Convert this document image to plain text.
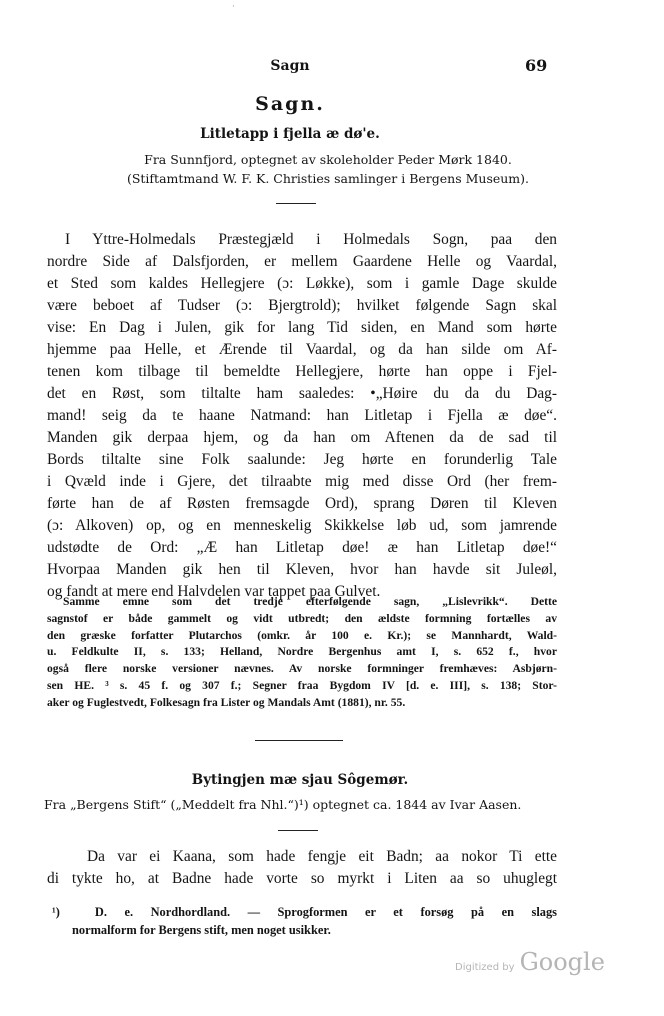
·
Sagn	69
Sagn.
Litletapp i fjella æ dø'e.
Fra Sunnfjord, optegnet av skoleholder Peder Mørk 1840.
(Stiftamtmand W. F. K. Christies samlinger i Bergens Museum).
I Yttre-Holmedals Præstegjæld i Holmedals Sogn, paa den
nordre Side af Dalsfjorden, er mellem Gaardene Helle og Vaardal,
et Sted som kaldes Hellegjere (ɔ: Løkke), som i gamle Dage skulde
være beboet af Tudser (ɔ: Bjergtrold); hvilket følgende Sagn skal
vise: En Dag i Julen, gik for lang Tid siden, en Mand som hørte
hjemme paa Helle, et Ærende til Vaardal, og da han silde om Af-
tenen kom tilbage til bemeldte Hellegjere, hørte han oppe i Fjel-
det en Røst, som tiltalte ham saaledes: •„Høire du da du Dag-
mand! seig da te haane Natmand: han Litletap i Fjella æ døe“.
Manden gik derpaa hjem, og da han om Aftenen da de sad til
Bords tiltalte sine Folk saalunde: Jeg hørte en forunderlig Tale
i Qvæld inde i Gjere, det tilraabte mig med disse Ord (her frem-
førte han de af Røsten fremsagde Ord), sprang Døren til Kleven
(ɔ: Alkoven) op, og en menneskelig Skikkelse løb ud, som jamrende
udstødte de Ord: „Æ han Litletap døe! æ han Litletap døe!“
Hvorpaa Manden gik hen til Kleven, hvor han havde sit Juleøl,
og fandt at mere end Halvdelen var tappet paa Gulvet.
Samme emne som det tredje efterfølgende sagn, „Lislevrikk“. Dette
sagnstof er både gammelt og vidt utbredt; den ældste formning fortælles av
den græske forfatter Plutarchos (omkr. år 100 e. Kr.); se Mannhardt, Wald-
u. Feldkulte II, s. 133; Helland, Nordre Bergenhus amt I, s. 652 f., hvor
også flere norske versioner nævnes. Av norske formninger fremhæves: Asbjørn-
sen HE. ³ s. 45 f. og 307 f.; Segner fraa Bygdom IV [d. e. III], s. 138; Stor-
aker og Fuglestvedt, Folkesagn fra Lister og Mandals Amt (1881), nr. 55.
Bytingjen mæ sjau Sôgemør.
Fra „Bergens Stift“ („Meddelt fra Nhl.“)¹) optegnet ca. 1844 av Ivar Aasen.
Da var ei Kaana, som hade fengje eit Badn; aa nokor Ti ette
di tykte ho, at Badne hade vorte so myrkt i Liten aa so uhuglegt
¹)	D. e. Nordhordland. — Sprogformen er et forsøg på en slags
normalform for Bergens stift, men noget usikker.
Digitized by Google
